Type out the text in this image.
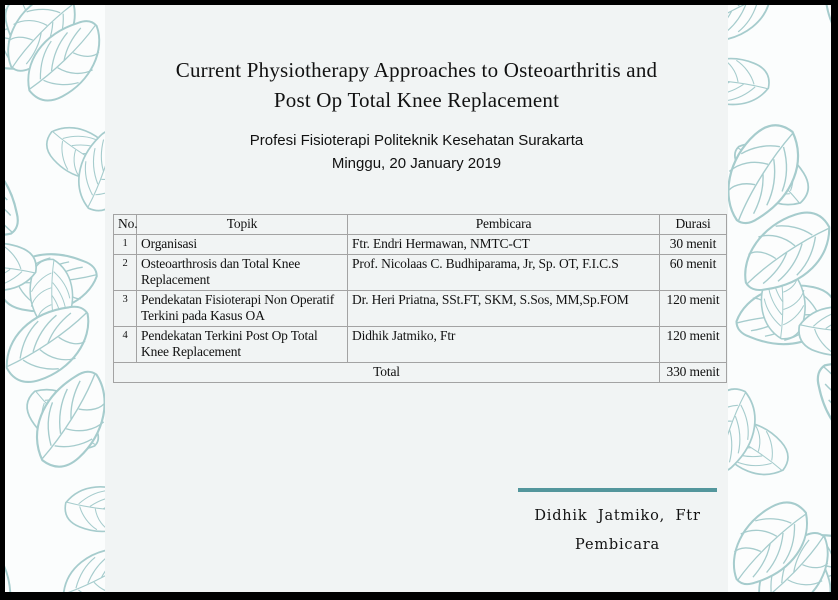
Current Physiotherapy Approaches to Osteoarthritis and
Post Op Total Knee Replacement
Profesi Fisioterapi Politeknik Kesehatan Surakarta
Minggu, 20 January 2019
No.	Topik	Pembicara	Durasi
1	Organisasi	Ftr. Endri Hermawan, NMTC-CT	30 menit
2	Osteoarthrosis dan Total Knee Replacement	Prof. Nicolaas C. Budhiparama, Jr, Sp. OT, F.I.C.S	60 menit
3	Pendekatan Fisioterapi Non Operatif Terkini pada Kasus OA	Dr. Heri Priatna, SSt.FT, SKM, S.Sos, MM,Sp.FOM	120 menit
4	Pendekatan Terkini Post Op Total Knee Replacement	Didhik Jatmiko, Ftr	120 menit
Total			330 menit
Didhik Jatmiko, Ftr
Pembicara
